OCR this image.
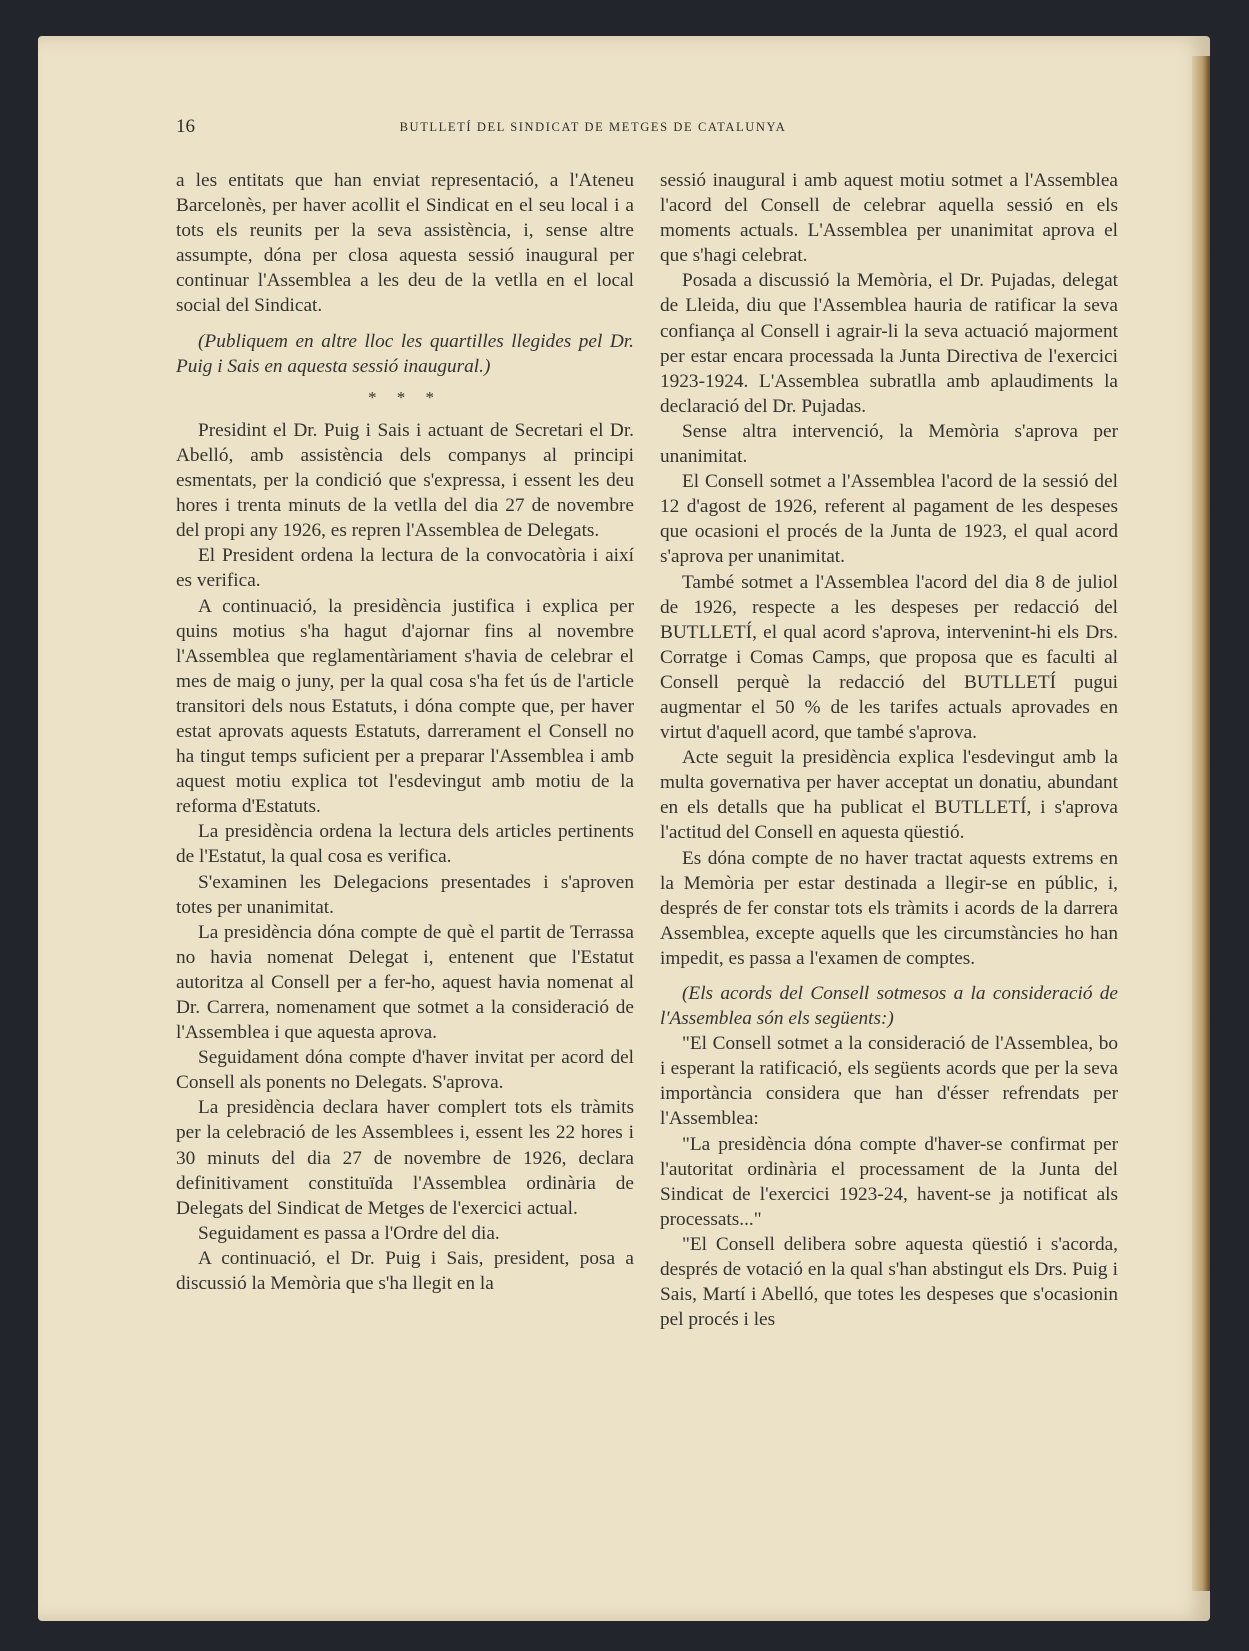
16	BUTLLETÍ DEL SINDICAT DE METGES DE CATALUNYA

a les entitats que han enviat representació, a l'Ateneu Barcelonès, per haver acollit el Sindicat en el seu local i a tots els reunits per la seva assistència, i, sense altre assumpte, dóna per closa aquesta sessió inaugural per continuar l'Assemblea a les deu de la vetlla en el local social del Sindicat.

(Publiquem en altre lloc les quartilles llegides pel Dr. Puig i Sais en aquesta sessió inaugural.)

* * *

Presidint el Dr. Puig i Sais i actuant de Secretari el Dr. Abelló, amb assistència dels companys al principi esmentats, per la condició que s'expressa, i essent les deu hores i trenta minuts de la vetlla del dia 27 de novembre del propi any 1926, es repren l'Assemblea de Delegats.

El President ordena la lectura de la convocatòria i així es verifica.

A continuació, la presidència justifica i explica per quins motius s'ha hagut d'ajornar fins al novembre l'Assemblea que reglamentàriament s'havia de celebrar el mes de maig o juny, per la qual cosa s'ha fet ús de l'article transitori dels nous Estatuts, i dóna compte que, per haver estat aprovats aquests Estatuts, darrerament el Consell no ha tingut temps suficient per a preparar l'Assemblea i amb aquest motiu explica tot l'esdevingut amb motiu de la reforma d'Estatuts.

La presidència ordena la lectura dels articles pertinents de l'Estatut, la qual cosa es verifica.

S'examinen les Delegacions presentades i s'aproven totes per unanimitat.

La presidència dóna compte de què el partit de Terrassa no havia nomenat Delegat i, entenent que l'Estatut autoritza al Consell per a fer-ho, aquest havia nomenat al Dr. Carrera, nomenament que sotmet a la consideració de l'Assemblea i que aquesta aprova.

Seguidament dóna compte d'haver invitat per acord del Consell als ponents no Delegats. S'aprova.

La presidència declara haver complert tots els tràmits per la celebració de les Assemblees i, essent les 22 hores i 30 minuts del dia 27 de novembre de 1926, declara definitivament constituïda l'Assemblea ordinària de Delegats del Sindicat de Metges de l'exercici actual.

Seguidament es passa a l'Ordre del dia.

A continuació, el Dr. Puig i Sais, president, posa a discussió la Memòria que s'ha llegit en la

sessió inaugural i amb aquest motiu sotmet a l'Assemblea l'acord del Consell de celebrar aquella sessió en els moments actuals. L'Assemblea per unanimitat aprova el que s'hagi celebrat.

Posada a discussió la Memòria, el Dr. Pujadas, delegat de Lleida, diu que l'Assemblea hauria de ratificar la seva confiança al Consell i agrair-li la seva actuació majorment per estar encara processada la Junta Directiva de l'exercici 1923-1924. L'Assemblea subratlla amb aplaudiments la declaració del Dr. Pujadas.

Sense altra intervenció, la Memòria s'aprova per unanimitat.

El Consell sotmet a l'Assemblea l'acord de la sessió del 12 d'agost de 1926, referent al pagament de les despeses que ocasioni el procés de la Junta de 1923, el qual acord s'aprova per unanimitat.

També sotmet a l'Assemblea l'acord del dia 8 de juliol de 1926, respecte a les despeses per redacció del BUTLLETÍ, el qual acord s'aprova, intervenint-hi els Drs. Corratge i Comas Camps, que proposa que es faculti al Consell perquè la redacció del BUTLLETÍ pugui augmentar el 50 % de les tarifes actuals aprovades en virtut d'aquell acord, que també s'aprova.

Acte seguit la presidència explica l'esdevingut amb la multa governativa per haver acceptat un donatiu, abundant en els detalls que ha publicat el BUTLLETÍ, i s'aprova l'actitud del Consell en aquesta qüestió.

Es dóna compte de no haver tractat aquests extrems en la Memòria per estar destinada a llegir-se en públic, i, després de fer constar tots els tràmits i acords de la darrera Assemblea, excepte aquells que les circumstàncies ho han impedit, es passa a l'examen de comptes.

(Els acords del Consell sotmesos a la consideració de l'Assemblea són els següents:)

"El Consell sotmet a la consideració de l'Assemblea, bo i esperant la ratificació, els següents acords que per la seva importància considera que han d'ésser refrendats per l'Assemblea:

"La presidència dóna compte d'haver-se confirmat per l'autoritat ordinària el processament de la Junta del Sindicat de l'exercici 1923-24, havent-se ja notificat als processats..."

"El Consell delibera sobre aquesta qüestió i s'acorda, després de votació en la qual s'han abstingut els Drs. Puig i Sais, Martí i Abelló, que totes les despeses que s'ocasionin pel procés i les
